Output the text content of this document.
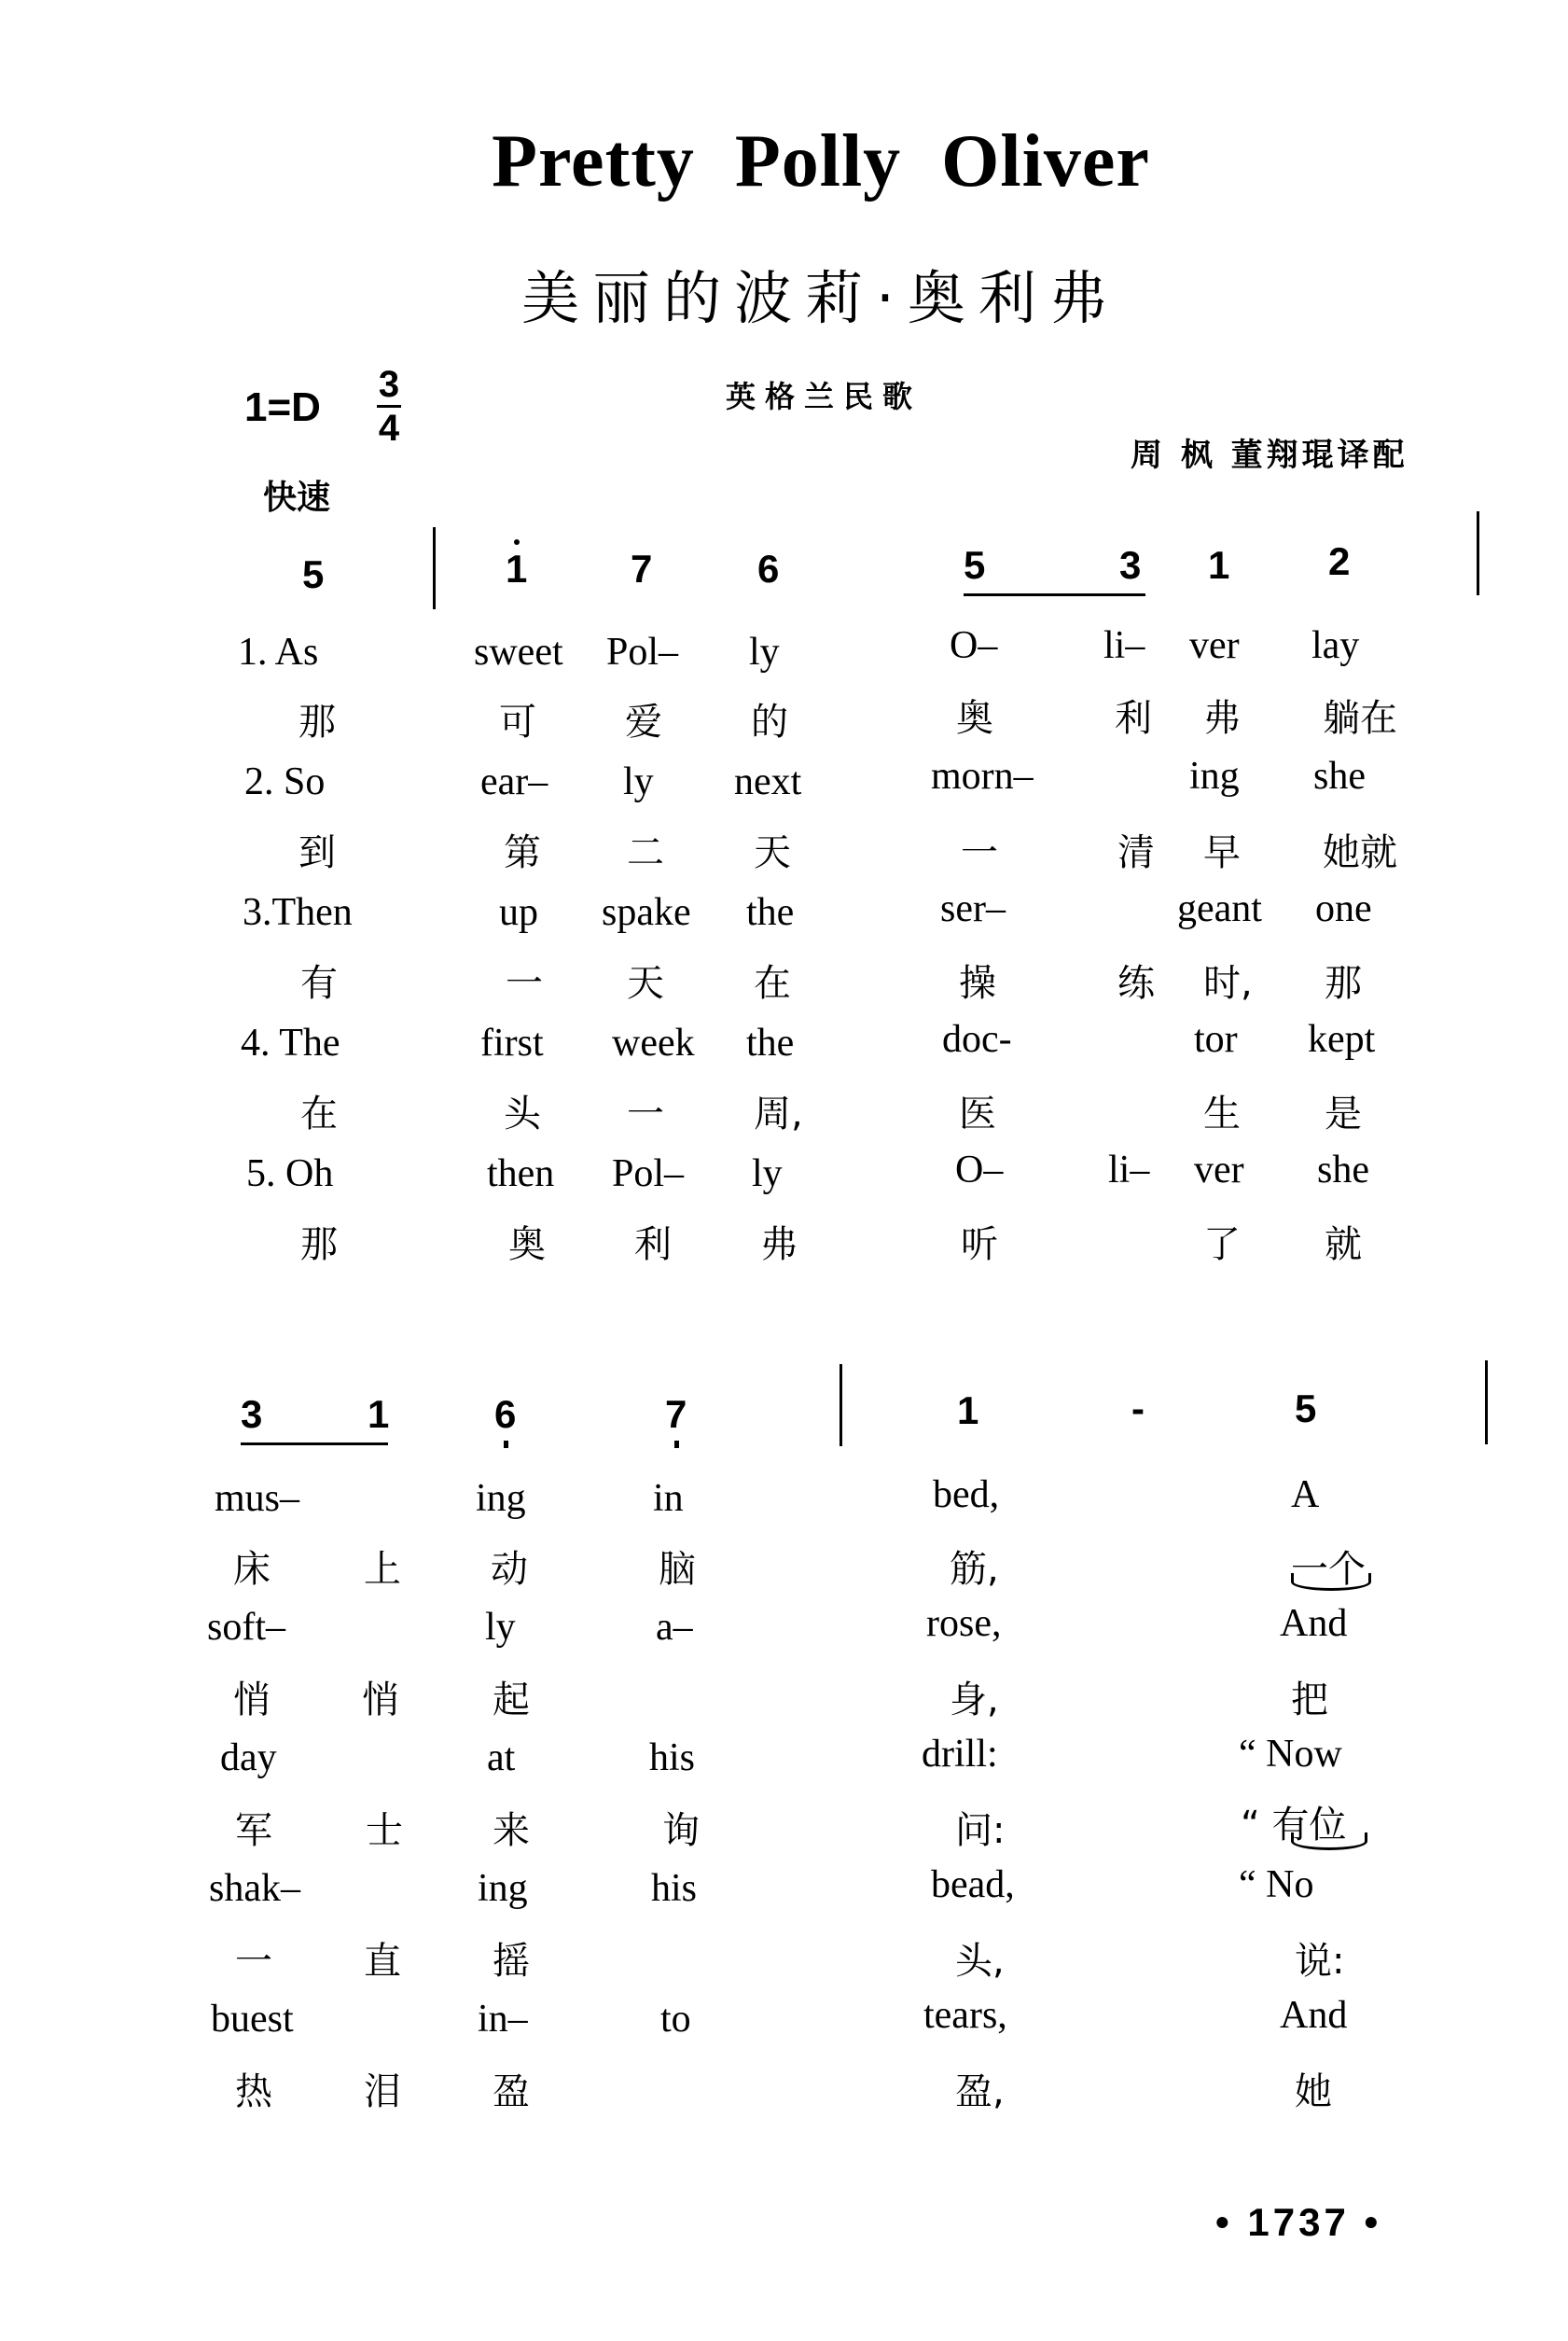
Pretty Polly Oliver
美丽的波莉·奥利弗
1=D 3
4
英格兰民歌
周 枫 董翔琨译配
快速
5	1	7	6	5	3 1	2
1. As	sweet Pol– ly	O–	li– ver lay
那	可 爱 的	奥	利 弗 躺在
2. So	ear– ly next	morn–	ing she
到	第 二 天	一	清 早 她就
3.Then	up spake the	ser–	geant one
有	一 天 在	操	练 时, 那
4. The	first week the	doc-	tor kept
在	头 一 周,	医	生 是
5. Oh	then Pol– ly	O–	li– ver she
那	奥 利 弗	听	了 就
3	1	6	7	1	-	5
mus–	ing	in	bed,	A
床	上 动	脑	筋,	一个
soft–	ly	a–	rose,	And
悄 悄	起	身,	把
day	at	his	drill:	“ Now
军	士 来	询	问:	“ 有位
shak–	ing	his	bead,	“ No
一 直 摇	头,	说:
buest	in–	to	tears,	And
热 泪 盈	盈,	她
• 1737 •
